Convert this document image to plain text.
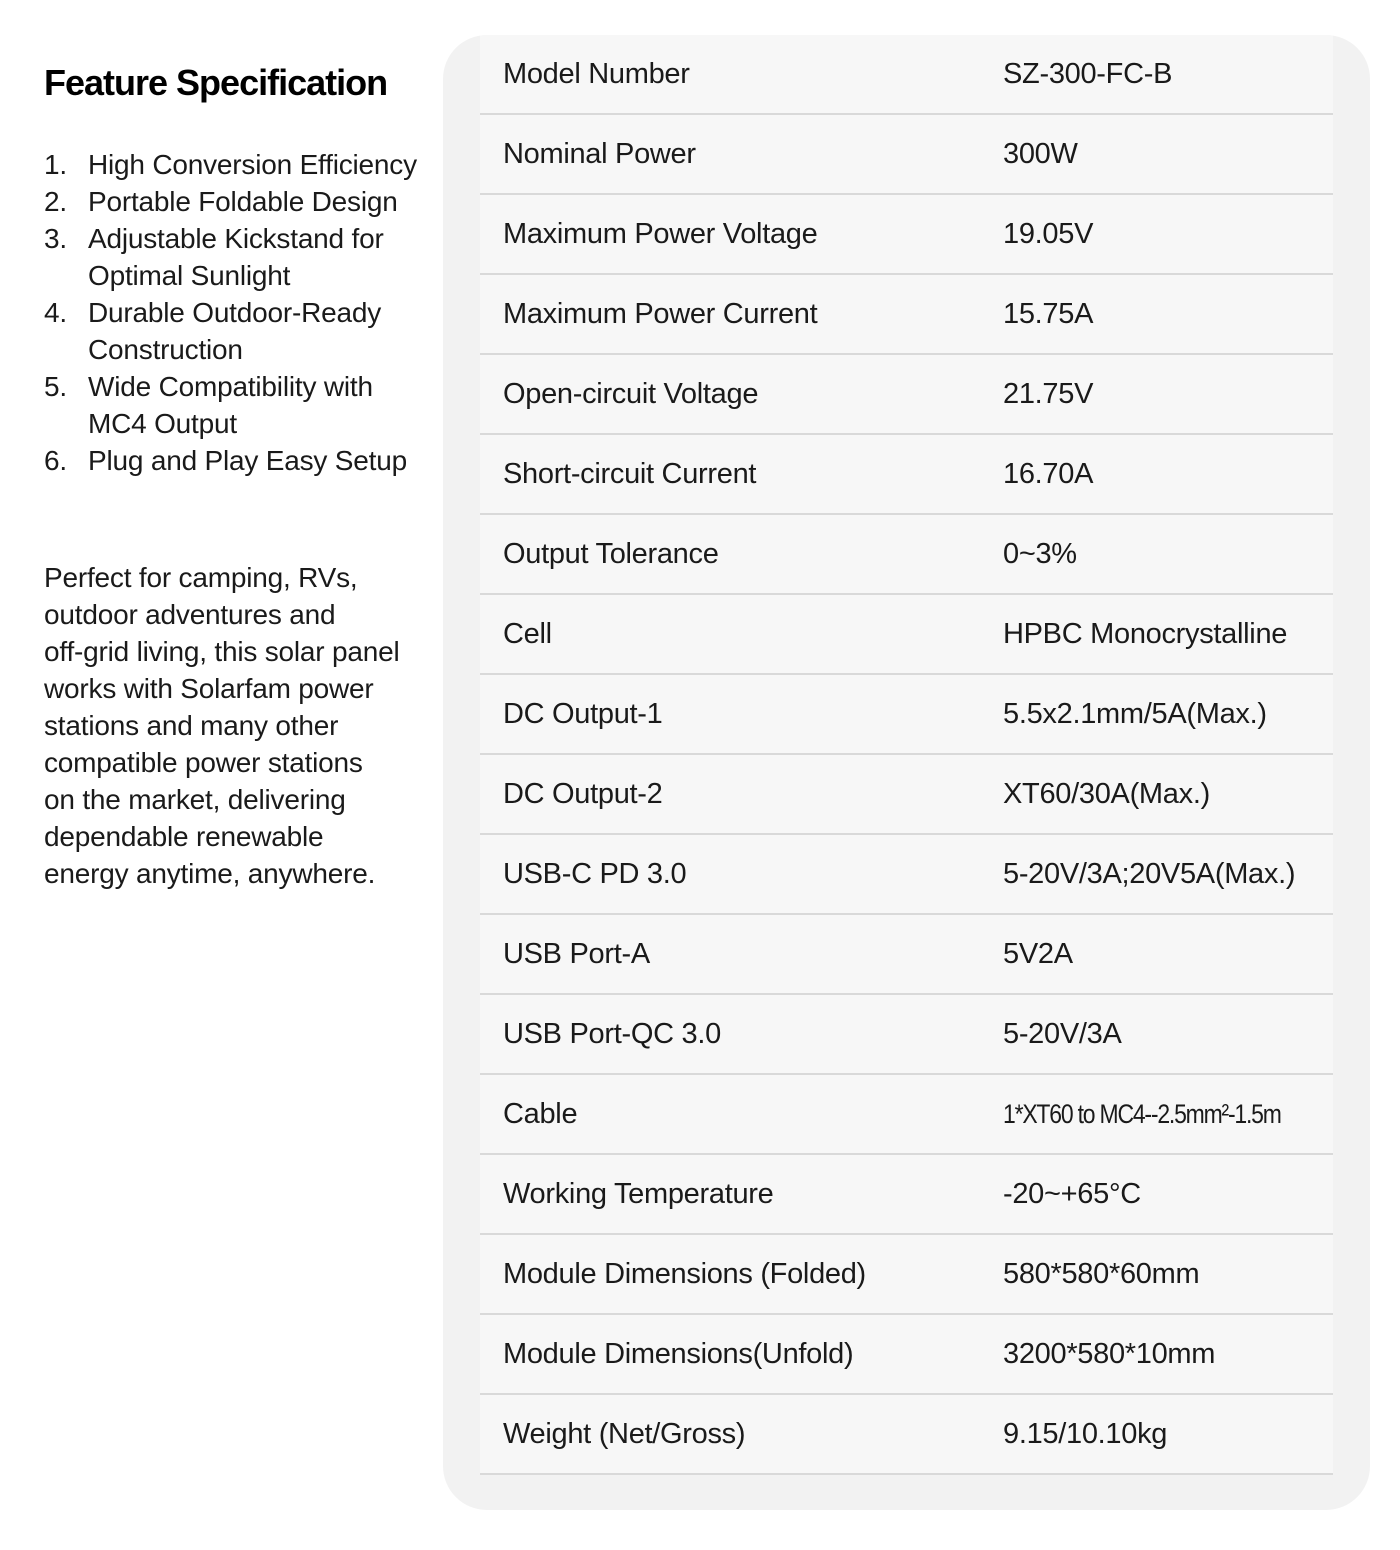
Feature Specification
1. High Conversion Efficiency
2. Portable Foldable Design
3. Adjustable Kickstand for Optimal Sunlight
4. Durable Outdoor-Ready Construction
5. Wide Compatibility with MC4 Output
6. Plug and Play Easy Setup
Perfect for camping, RVs,
outdoor adventures and
off-grid living, this solar panel
works with Solarfam power
stations and many other
compatible power stations
on the market, delivering
dependable renewable
energy anytime, anywhere.
Model Number	SZ-300-FC-B
Nominal Power	300W
Maximum Power Voltage	19.05V
Maximum Power Current	15.75A
Open-circuit Voltage	21.75V
Short-circuit Current	16.70A
Output Tolerance	0~3%
Cell	HPBC Monocrystalline
DC Output-1	5.5x2.1mm/5A(Max.)
DC Output-2	XT60/30A(Max.)
USB-C PD 3.0	5-20V/3A;20V5A(Max.)
USB Port-A	5V2A
USB Port-QC 3.0	5-20V/3A
Cable	1*XT60 to MC4--2.5mm²-1.5m
Working Temperature	-20~+65°C
Module Dimensions (Folded)	580*580*60mm
Module Dimensions(Unfold)	3200*580*10mm
Weight (Net/Gross)	9.15/10.10kg
